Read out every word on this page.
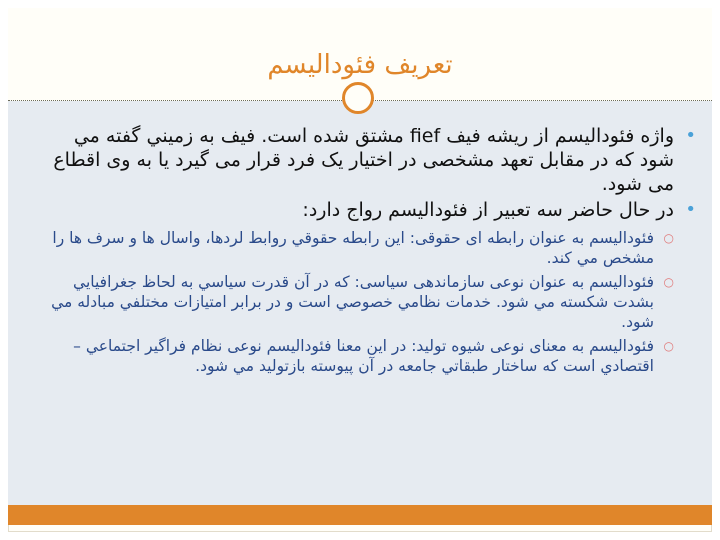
تعریف فئوداليسم
•
واژه فئوداليسم از ريشه فيف fief مشتق شده است. فيف به زميني گفته مي شود كه در مقابل تعهد مشخصی در اختيار يک فرد قرار می گيرد يا به وی اقطاع می شود.
•
در حال حاضر سه تعبير از فئوداليسم رواج دارد:
○
فئوداليسم به عنوان رابطه ای حقوقی: اين رابطه حقوقي روابط لردها، واسال ها و سرف ها را مشخص مي كند.
○
فئوداليسم به عنوان نوعی سازماندهی سياسی: كه در آن قدرت سياسي به لحاظ جغرافيايي بشدت شكسته مي شود. خدمات نظامي خصوصي است و در برابر امتيازات مختلفي مبادله مي شود.
○
فئوداليسم به معنای نوعی شيوه توليد: در اين معنا فئوداليسم نوعی نظام فراگير اجتماعي – اقتصادي است كه ساختار طبقاتي جامعه در آن پيوسته بازتوليد مي شود.
